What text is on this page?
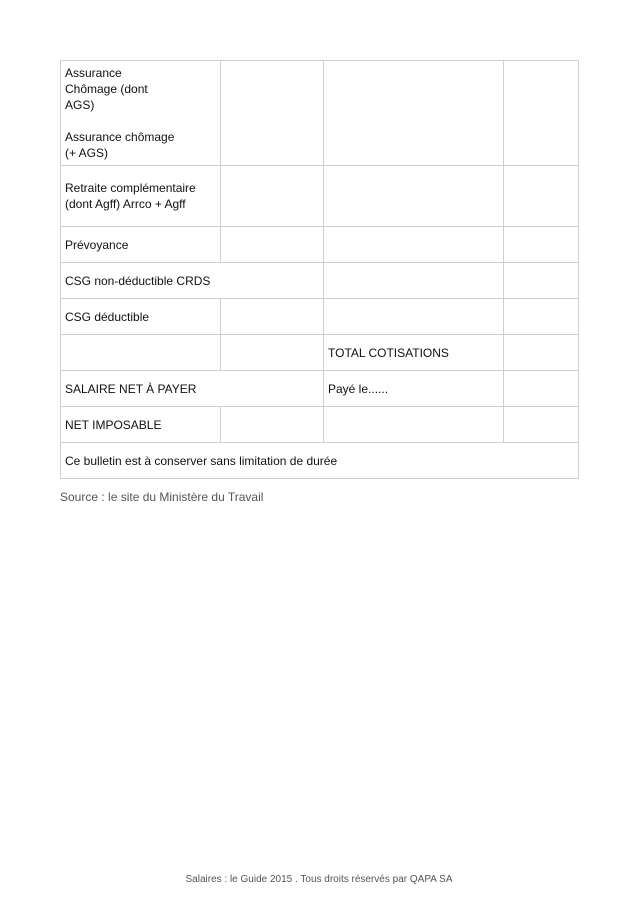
Assurance
Chômage (dont
AGS)
Assurance chômage
(+ AGS)			

Retraite complémentaire
(dont Agff) Arrco + Agff			

Prévoyance			
CSG non-déductible CRDS			
CSG déductible			
		TOTAL COTISATIONS	
SALAIRE NET À PAYER		Payé le......	
NET IMPOSABLE			
Ce bulletin est à conserver sans limitation de durée			
Source : le site du Ministère du Travail
Salaires : le Guide 2015 . Tous droits réservés par QAPA SA
